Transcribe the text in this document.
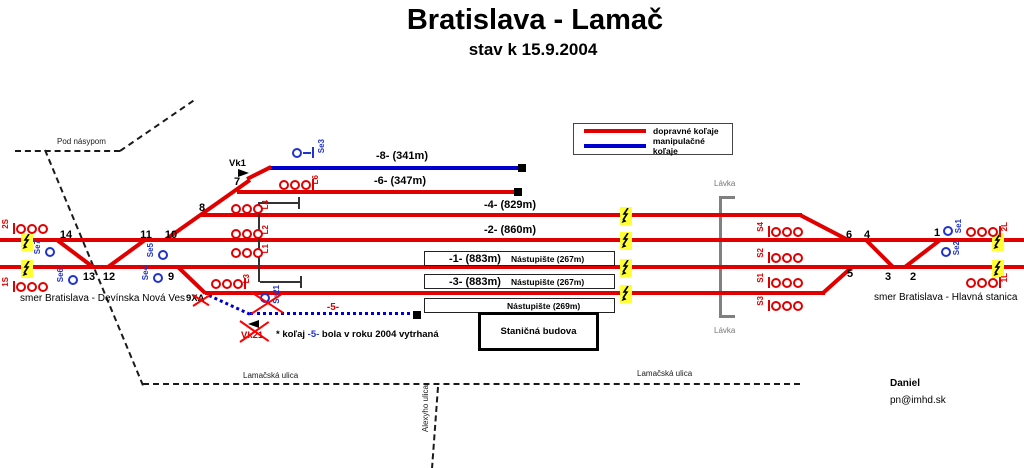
Bratislava - Lamač
stav k 15.9.2004
dopravné koľaje
manipulačné koľaje
Pod násypom
Lamačská ulica	Lamačská ulica
Alexyho ulica
Lávka
Lávka
-8- (341m)
-6- (347m)
-4- (829m)
-2- (860m)
-5-
-1- (883m) Nástupište (267m)
-3- (883m) Nástupište (267m)
Nástupište (269m)
Staničná budova
2S
1S
2L
1L
L6
L4
L2
L1
L3
S4
S2
S1
S3
Se7
Se6
Se5
Se4
Se3
Se1
Se2
Se21
Vk1
Vk21
9XA
14
13 12
11 10
9
8
7
6
5
4
3 2
1
smer Bratislava - Devínska Nová Ves	smer Bratislava - Hlavná stanica
* koľaj -5- bola v roku 2004 vytrhaná
Daniel
pn@imhd.sk
